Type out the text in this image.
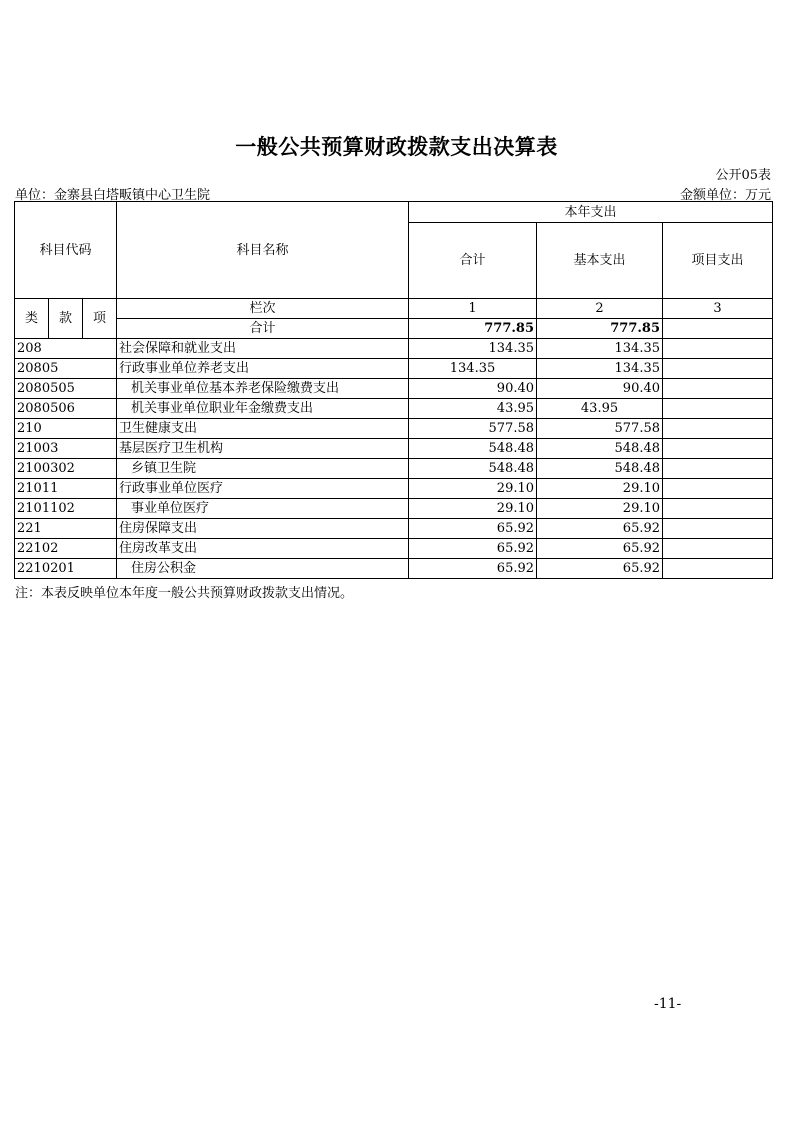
一般公共预算财政拨款支出决算表
公开05表
单位：金寨县白塔畈镇中心卫生院	金额单位：万元
科目代码			科目名称	本年支出		
				合计	基本支出	项目支出
类	款	项	栏次	1	2	3
			合计	777.85	777.85	
208			社会保障和就业支出	134.35	134.35	
20805			行政事业单位养老支出	134.35	134.35	
2080505			机关事业单位基本养老保险缴费支出	90.40	90.40	
2080506			机关事业单位职业年金缴费支出	43.95	43.95	
210			卫生健康支出	577.58	577.58	
21003			基层医疗卫生机构	548.48	548.48	
2100302			乡镇卫生院	548.48	548.48	
21011			行政事业单位医疗	29.10	29.10	
2101102			事业单位医疗	29.10	29.10	
221			住房保障支出	65.92	65.92	
22102			住房改革支出	65.92	65.92	
2210201			住房公积金	65.92	65.92	
注：本表反映单位本年度一般公共预算财政拨款支出情况。
-11-
